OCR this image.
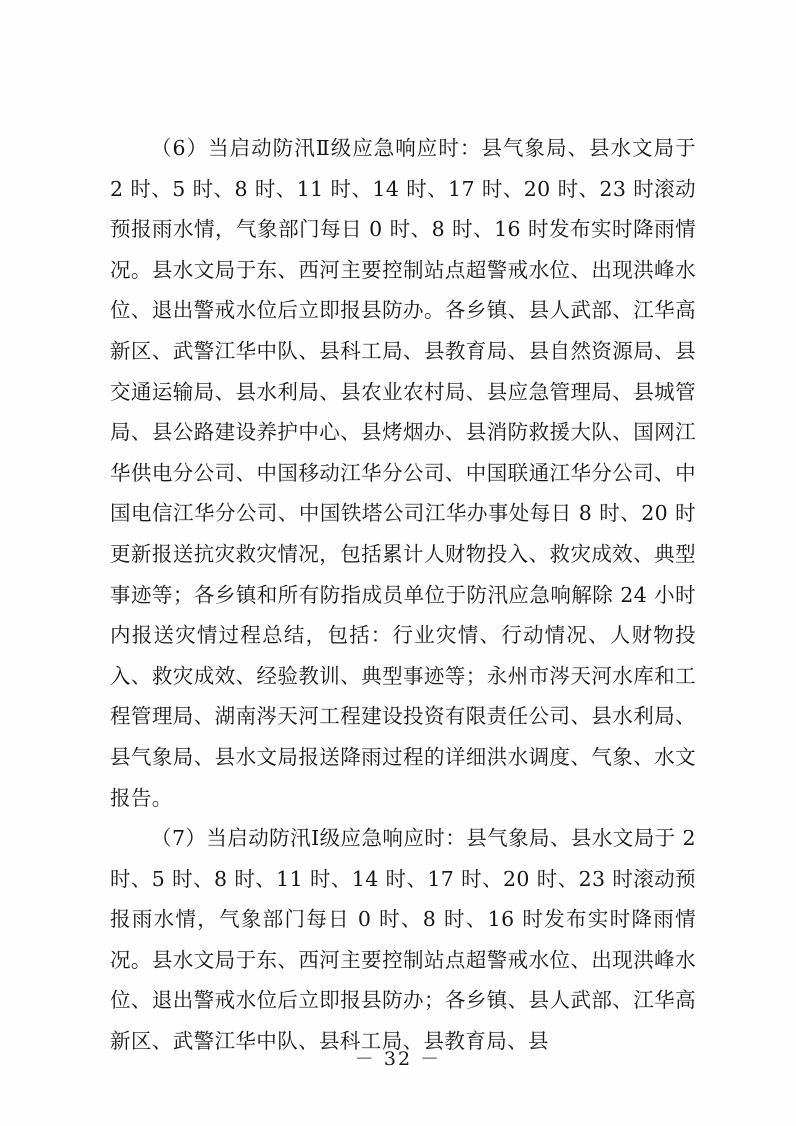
（6）当启动防汛Ⅱ级应急响应时：县气象局、县水文局于 2 时、5 时、8 时、11 时、14 时、17 时、20 时、23 时滚动预报雨水情，气象部门每日 0 时、8 时、16 时发布实时降雨情况。县水文局于东、西河主要控制站点超警戒水位、出现洪峰水位、退出警戒水位后立即报县防办。各乡镇、县人武部、江华高新区、武警江华中队、县科工局、县教育局、县自然资源局、县交通运输局、县水利局、县农业农村局、县应急管理局、县城管局、县公路建设养护中心、县烤烟办、县消防救援大队、国网江华供电分公司、中国移动江华分公司、中国联通江华分公司、中国电信江华分公司、中国铁塔公司江华办事处每日 8 时、20 时更新报送抗灾救灾情况，包括累计人财物投入、救灾成效、典型事迹等；各乡镇和所有防指成员单位于防汛应急响解除 24 小时内报送灾情过程总结，包括：行业灾情、行动情况、人财物投入、救灾成效、经验教训、典型事迹等；永州市涔天河水库和工程管理局、湖南涔天河工程建设投资有限责任公司、县水利局、县气象局、县水文局报送降雨过程的详细洪水调度、气象、水文报告。

（7）当启动防汛Ⅰ级应急响应时：县气象局、县水文局于 2 时、5 时、8 时、11 时、14 时、17 时、20 时、23 时滚动预报雨水情，气象部门每日 0 时、8 时、16 时发布实时降雨情况。县水文局于东、西河主要控制站点超警戒水位、出现洪峰水位、退出警戒水位后立即报县防办；各乡镇、县人武部、江华高新区、武警江华中队、县科工局、县教育局、县

－ 32 －
